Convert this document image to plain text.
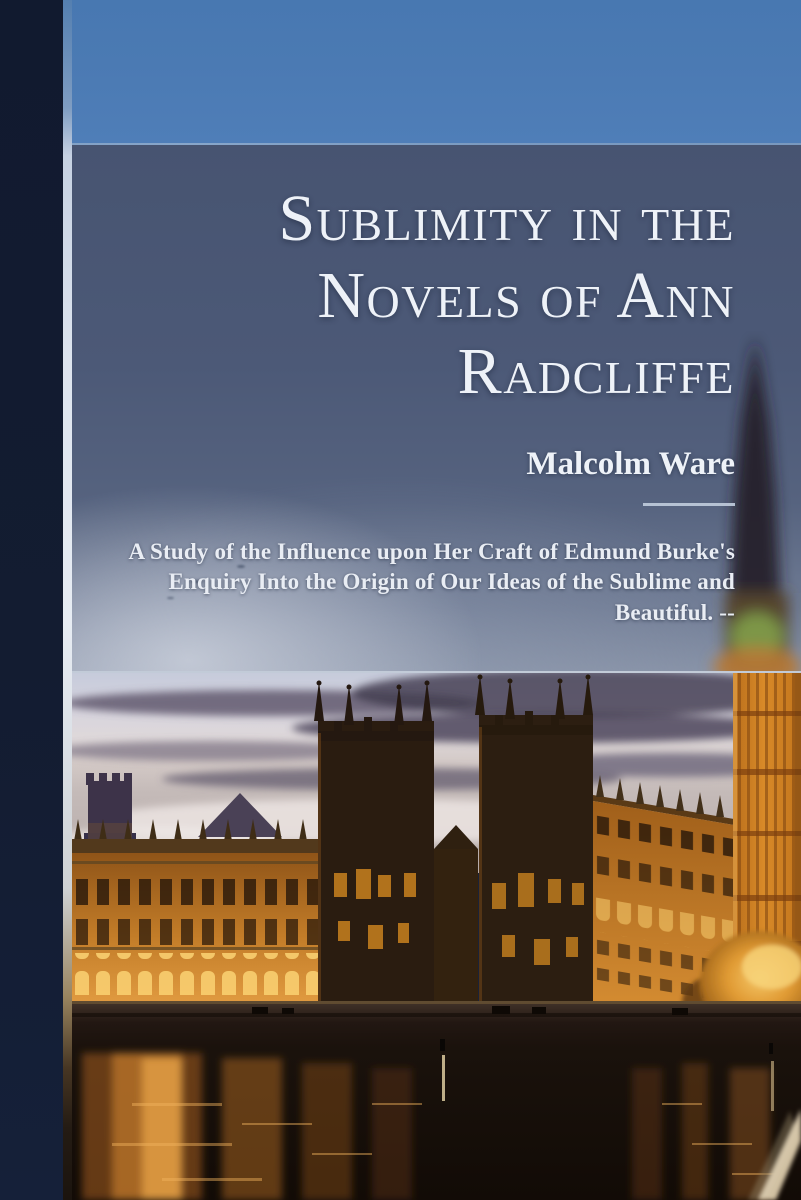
Sublimity in the
Novels of Ann
Radcliffe

Malcolm Ware

A Study of the Influence upon Her Craft of Edmund Burke's
Enquiry Into the Origin of Our Ideas of the Sublime and
Beautiful. --
